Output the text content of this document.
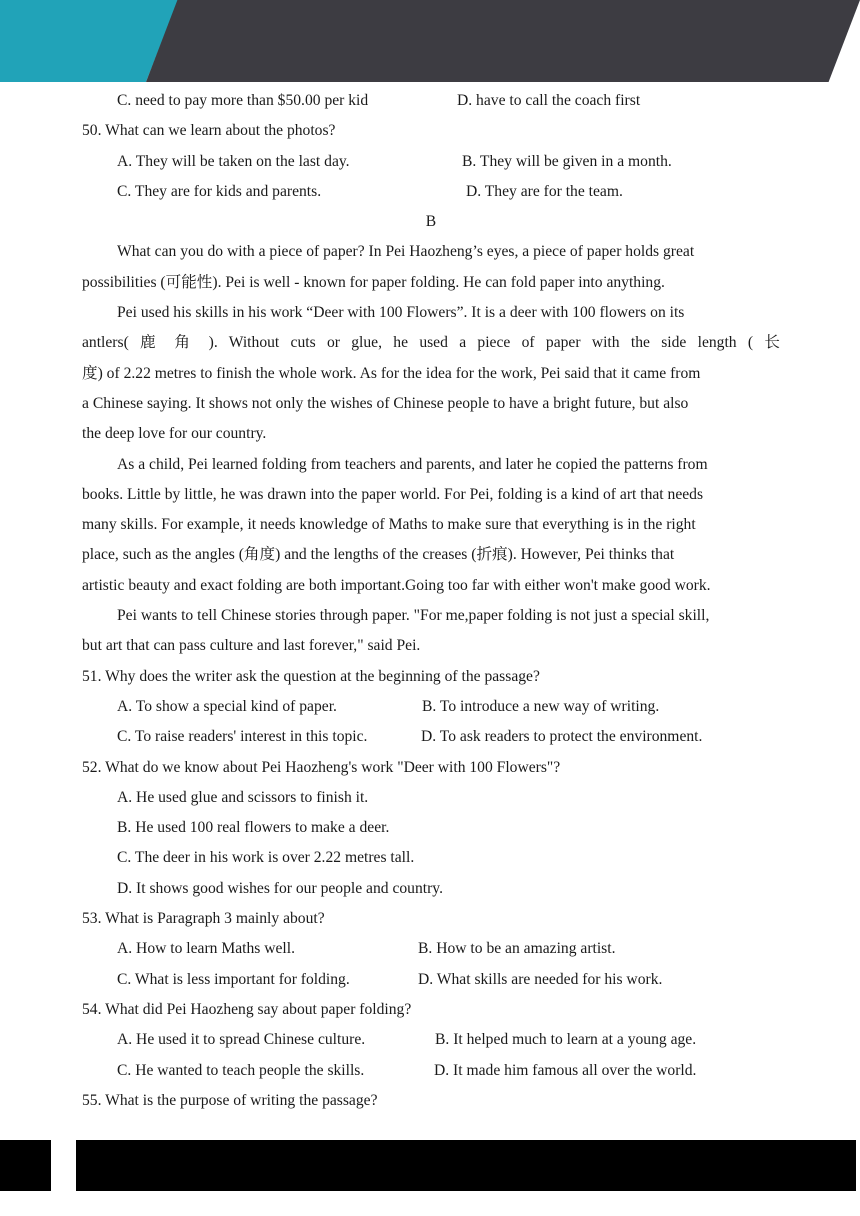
C. need to pay more than $50.00 per kid	D. have to call the coach first
50. What can we learn about the photos?
A. They will be taken on the last day.	B. They will be given in a month.
C. They are for kids and parents.	D. They are for the team.
B
What can you do with a piece of paper? In Pei Haozheng’s eyes, a piece of paper holds great
possibilities (可能性). Pei is well - known for paper folding. He can fold paper into anything.
Pei used his skills in his work “Deer with 100 Flowers”. It is a deer with 100 flowers on its
antlers( 鹿 角 ). Without cuts or glue, he used a piece of paper with the side length ( 长
度) of 2.22 metres to finish the whole work. As for the idea for the work, Pei said that it came from
a Chinese saying. It shows not only the wishes of Chinese people to have a bright future, but also
the deep love for our country.
As a child, Pei learned folding from teachers and parents, and later he copied the patterns from
books. Little by little, he was drawn into the paper world. For Pei, folding is a kind of art that needs
many skills. For example, it needs knowledge of Maths to make sure that everything is in the right
place, such as the angles (角度) and the lengths of the creases (折痕). However, Pei thinks that
artistic beauty and exact folding are both important.Going too far with either won't make good work.
Pei wants to tell Chinese stories through paper. "For me,paper folding is not just a special skill,
but art that can pass culture and last forever," said Pei.
51. Why does the writer ask the question at the beginning of the passage?
A. To show a special kind of paper.	B. To introduce a new way of writing.
C. To raise readers' interest in this topic.	D. To ask readers to protect the environment.
52. What do we know about Pei Haozheng's work "Deer with 100 Flowers"?
A. He used glue and scissors to finish it.
B. He used 100 real flowers to make a deer.
C. The deer in his work is over 2.22 metres tall.
D. It shows good wishes for our people and country.
53. What is Paragraph 3 mainly about?
A. How to learn Maths well.	B. How to be an amazing artist.
C. What is less important for folding.	D. What skills are needed for his work.
54. What did Pei Haozheng say about paper folding?
A. He used it to spread Chinese culture.	B. It helped much to learn at a young age.
C. He wanted to teach people the skills.	D. It made him famous all over the world.
55. What is the purpose of writing the passage?
